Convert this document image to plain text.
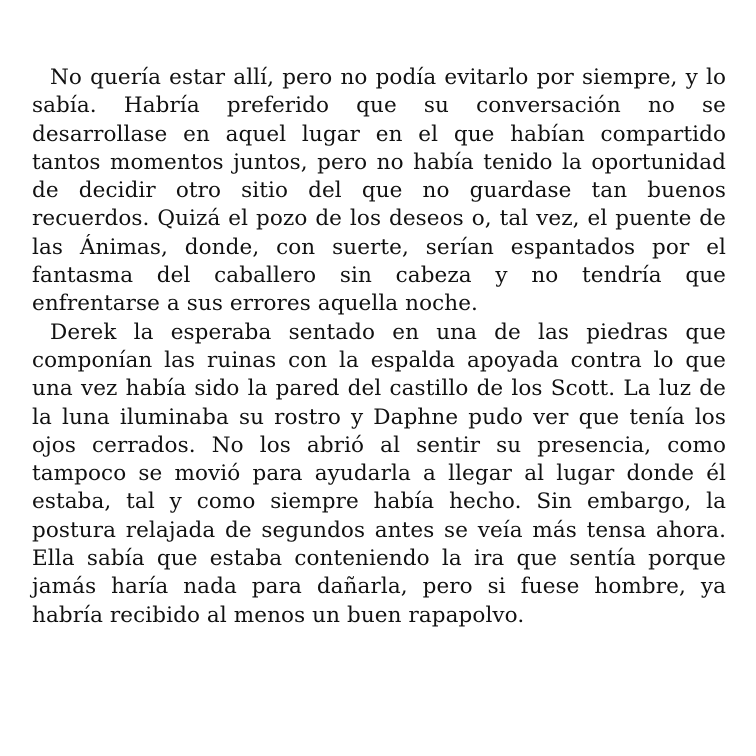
No quería estar allí, pero no podía evitarlo por siempre, y lo sabía. Habría preferido que su conversación no se desarrollase en aquel lugar en el que habían compartido tantos momentos juntos, pero no había tenido la oportunidad de decidir otro sitio del que no guardase tan buenos recuerdos. Quizá el pozo de los deseos o, tal vez, el puente de las Ánimas, donde, con suerte, serían espantados por el fantasma del caballero sin cabeza y no tendría que enfrentarse a sus errores aquella noche.

Derek la esperaba sentado en una de las piedras que componían las ruinas con la espalda apoyada contra lo que una vez había sido la pared del castillo de los Scott. La luz de la luna iluminaba su rostro y Daphne pudo ver que tenía los ojos cerrados. No los abrió al sentir su presencia, como tampoco se movió para ayudarla a llegar al lugar donde él estaba, tal y como siempre había hecho. Sin embargo, la postura relajada de segundos antes se veía más tensa ahora. Ella sabía que estaba conteniendo la ira que sentía porque jamás haría nada para dañarla, pero si fuese hombre, ya habría recibido al menos un buen rapapolvo.
